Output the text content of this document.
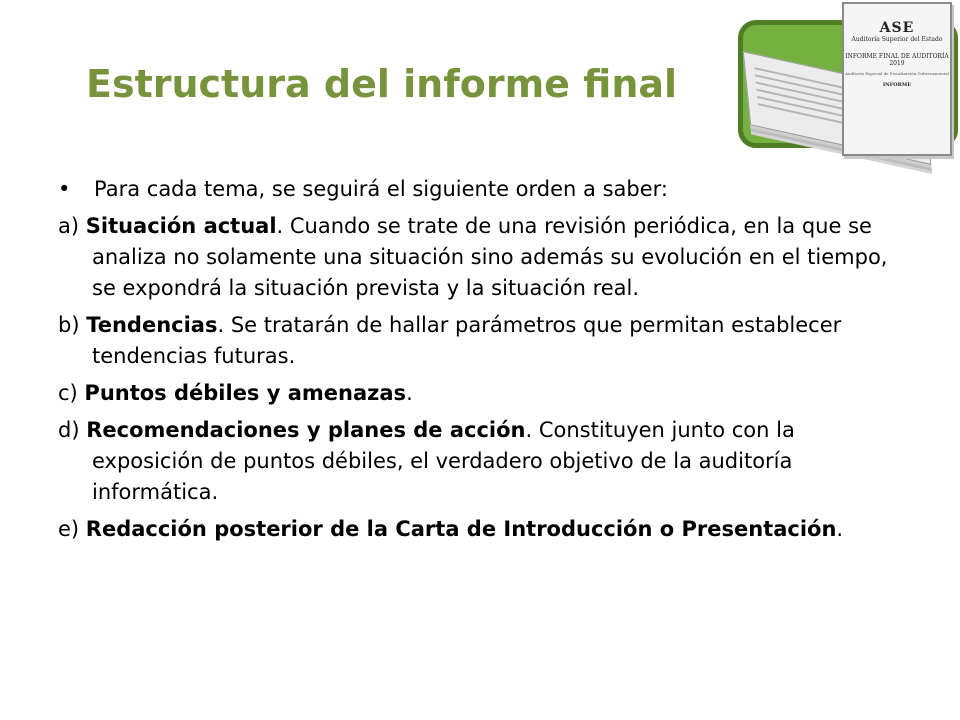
ASE
Auditoría Superior del Estado
INFORME FINAL DE AUDITORÍA 2019
Auditoría Especial de Fiscalización Gubernamental
INFORME
Estructura del informe final
• Para cada tema, se seguirá el siguiente orden a saber:
a) Situación actual. Cuando se trate de una revisión periódica, en la que se analiza no solamente una situación sino además su evolución en el tiempo, se expondrá la situación prevista y la situación real.
b) Tendencias. Se tratarán de hallar parámetros que permitan establecer tendencias futuras.
c) Puntos débiles y amenazas.
d) Recomendaciones y planes de acción. Constituyen junto con la exposición de puntos débiles, el verdadero objetivo de la auditoría informática.
e) Redacción posterior de la Carta de Introducción o Presentación.
